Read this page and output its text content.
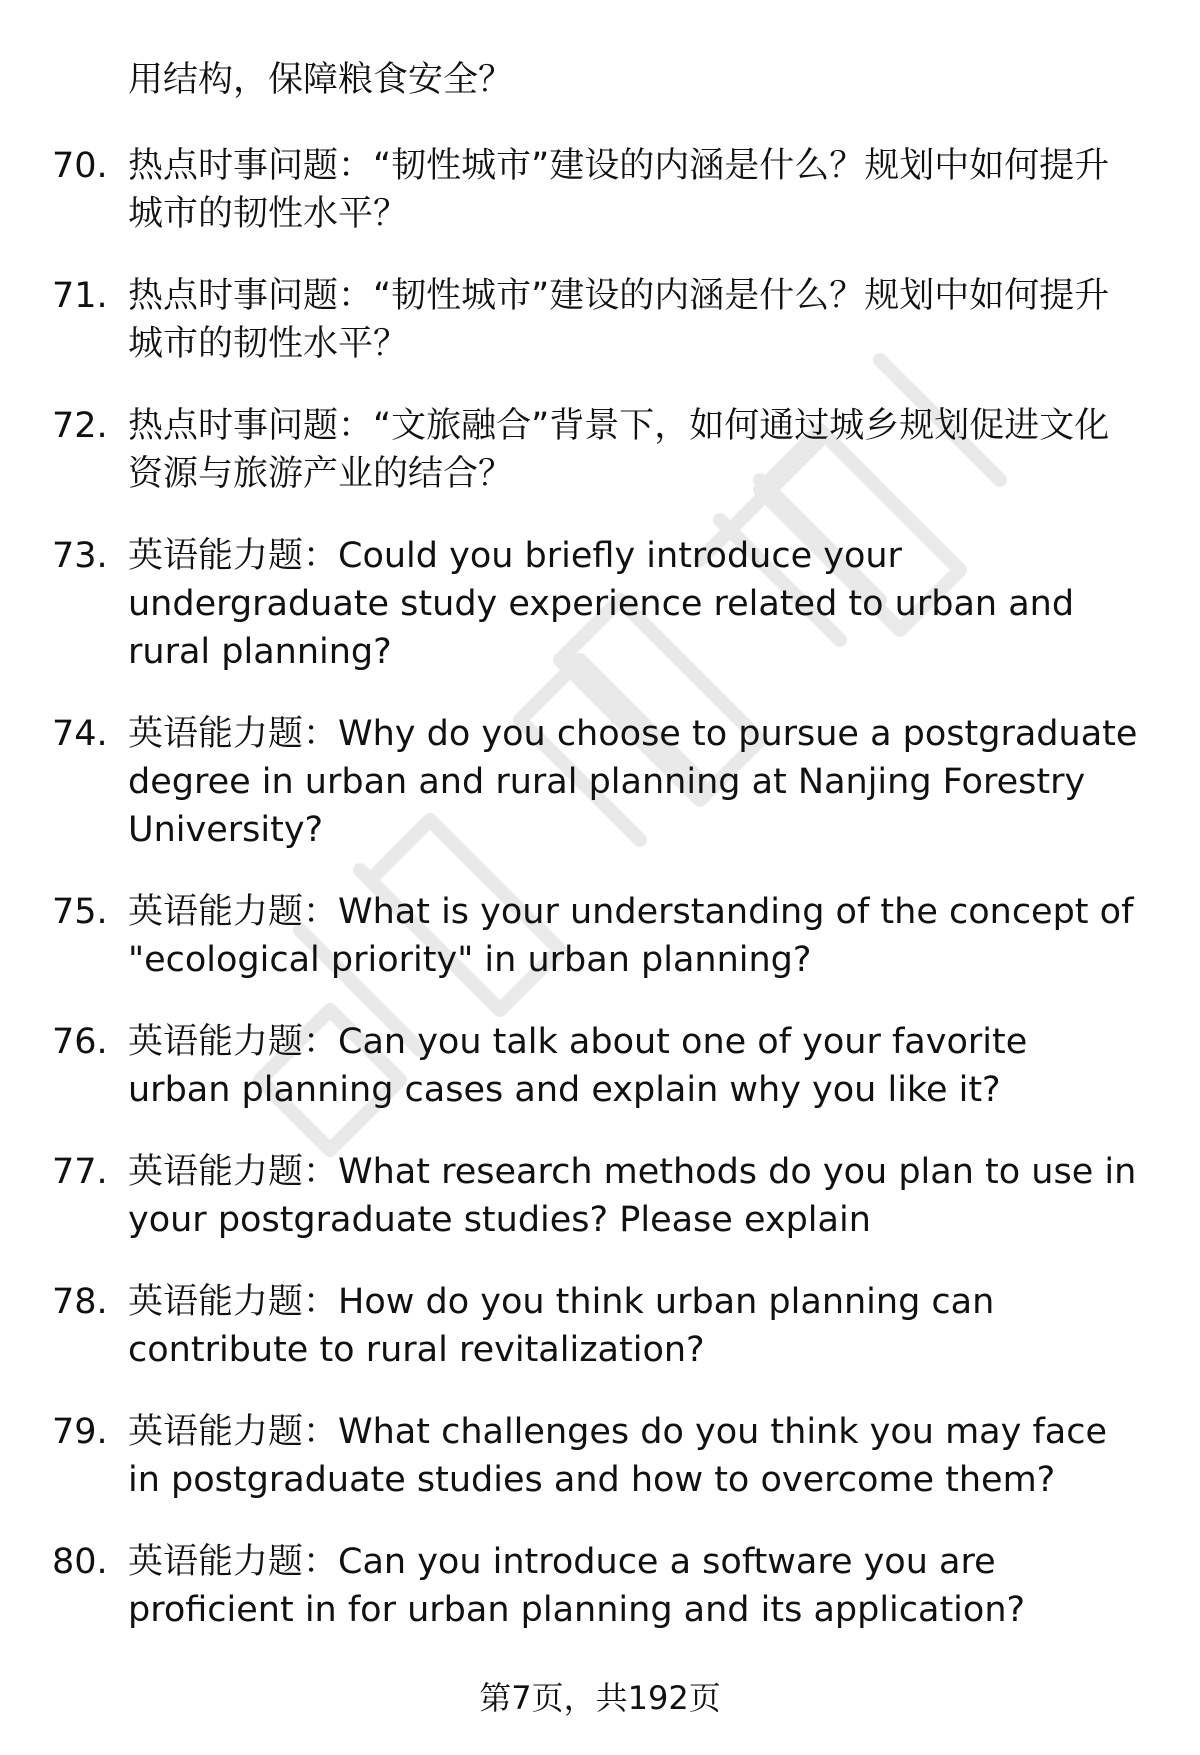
用结构，保障粮食安全？

70. 热点时事问题：“韧性城市”建设的内涵是什么？规划中如何提升城市的韧性水平？
71. 热点时事问题：“韧性城市”建设的内涵是什么？规划中如何提升城市的韧性水平？
72. 热点时事问题：“文旅融合”背景下，如何通过城乡规划促进文化资源与旅游产业的结合？
73. 英语能力题：Could you briefly introduce your undergraduate study experience related to urban and rural planning?
74. 英语能力题：Why do you choose to pursue a postgraduate degree in urban and rural planning at Nanjing Forestry University?
75. 英语能力题：What is your understanding of the concept of "ecological priority" in urban planning?
76. 英语能力题：Can you talk about one of your favorite urban planning cases and explain why you like it?
77. 英语能力题：What research methods do you plan to use in your postgraduate studies? Please explain
78. 英语能力题：How do you think urban planning can contribute to rural revitalization?
79. 英语能力题：What challenges do you think you may face in postgraduate studies and how to overcome them?
80. 英语能力题：Can you introduce a software you are proficient in for urban planning and its application?
第7页，共192页
